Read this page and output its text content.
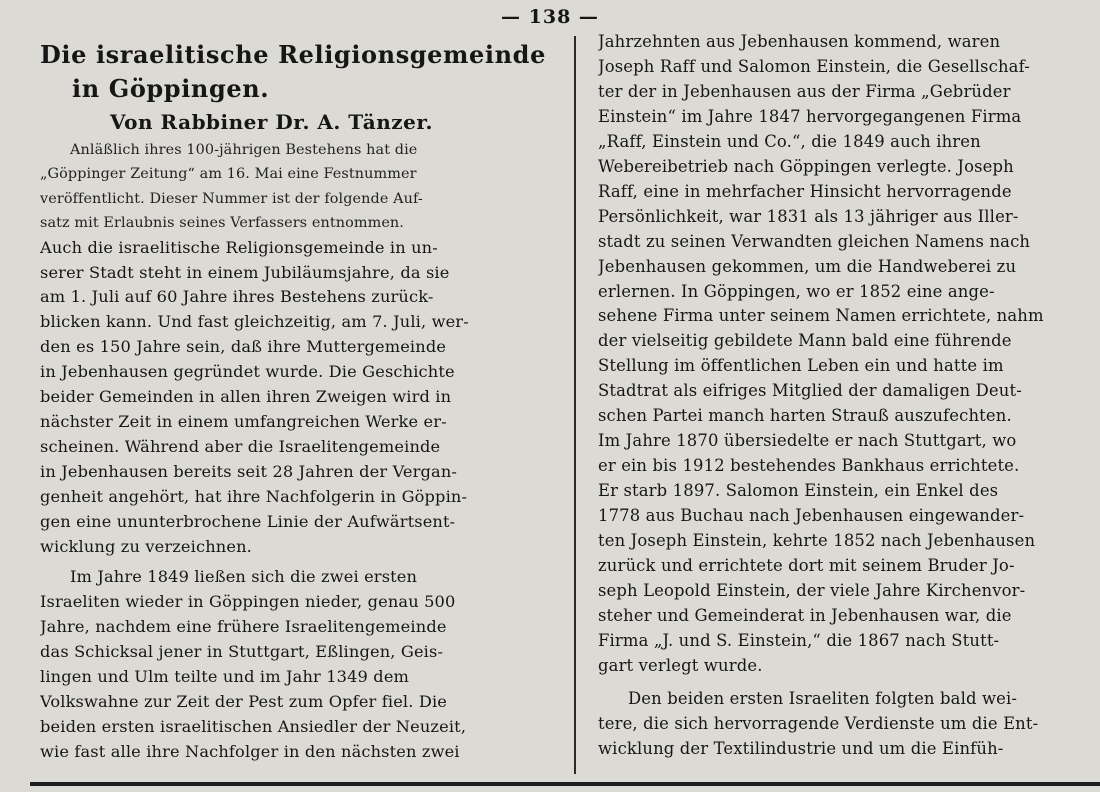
— 138 —
Die israelitische Religionsgemeinde
in Göppingen.
Von Rabbiner Dr. A. Tänzer.
Anläßlich ihres 100-jährigen Bestehens hat die
„Göppinger Zeitung“ am 16. Mai eine Festnummer
veröffentlicht. Dieser Nummer ist der folgende Auf-
satz mit Erlaubnis seines Verfassers entnommen.
Auch die israelitische Religionsgemeinde in un-
serer Stadt steht in einem Jubiläumsjahre, da sie
am 1. Juli auf 60 Jahre ihres Bestehens zurück-
blicken kann. Und fast gleichzeitig, am 7. Juli, wer-
den es 150 Jahre sein, daß ihre Muttergemeinde
in Jebenhausen gegründet wurde. Die Geschichte
beider Gemeinden in allen ihren Zweigen wird in
nächster Zeit in einem umfangreichen Werke er-
scheinen. Während aber die Israelitengemeinde
in Jebenhausen bereits seit 28 Jahren der Vergan-
genheit angehört, hat ihre Nachfolgerin in Göppin-
gen eine ununterbrochene Linie der Aufwärtsent-
wicklung zu verzeichnen.
Im Jahre 1849 ließen sich die zwei ersten
Israeliten wieder in Göppingen nieder, genau 500
Jahre, nachdem eine frühere Israelitengemeinde
das Schicksal jener in Stuttgart, Eßlingen, Geis-
lingen und Ulm teilte und im Jahr 1349 dem
Volkswahne zur Zeit der Pest zum Opfer fiel. Die
beiden ersten israelitischen Ansiedler der Neuzeit,
wie fast alle ihre Nachfolger in den nächsten zwei
Jahrzehnten aus Jebenhausen kommend, waren
Joseph Raff und Salomon Einstein, die Gesellschaf-
ter der in Jebenhausen aus der Firma „Gebrüder
Einstein“ im Jahre 1847 hervorgegangenen Firma
„Raff, Einstein und Co.“, die 1849 auch ihren
Webereibetrieb nach Göppingen verlegte. Joseph
Raff, eine in mehrfacher Hinsicht hervorragende
Persönlichkeit, war 1831 als 13 jähriger aus Iller-
stadt zu seinen Verwandten gleichen Namens nach
Jebenhausen gekommen, um die Handweberei zu
erlernen. In Göppingen, wo er 1852 eine ange-
sehene Firma unter seinem Namen errichtete, nahm
der vielseitig gebildete Mann bald eine führende
Stellung im öffentlichen Leben ein und hatte im
Stadtrat als eifriges Mitglied der damaligen Deut-
schen Partei manch harten Strauß auszufechten.
Im Jahre 1870 übersiedelte er nach Stuttgart, wo
er ein bis 1912 bestehendes Bankhaus errichtete.
Er starb 1897. Salomon Einstein, ein Enkel des
1778 aus Buchau nach Jebenhausen eingewander-
ten Joseph Einstein, kehrte 1852 nach Jebenhausen
zurück und errichtete dort mit seinem Bruder Jo-
seph Leopold Einstein, der viele Jahre Kirchenvor-
steher und Gemeinderat in Jebenhausen war, die
Firma „J. und S. Einstein,“ die 1867 nach Stutt-
gart verlegt wurde.
Den beiden ersten Israeliten folgten bald wei-
tere, die sich hervorragende Verdienste um die Ent-
wicklung der Textilindustrie und um die Einfüh-
